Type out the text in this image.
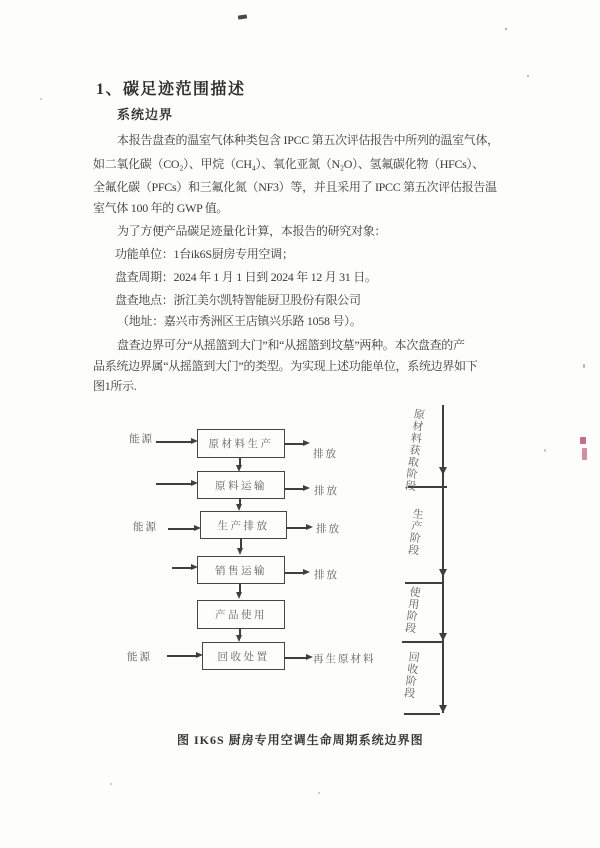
1、碳足迹范围描述
系统边界
本报告盘查的温室气体种类包含 IPCC 第五次评估报告中所列的温室气体，
如二氧化碳（CO₂）、甲烷（CH₄）、氧化亚氮（N₂O）、氢氟碳化物（HFCs）、
全氟化碳（PFCs）和三氟化氮（NF3）等，并且采用了 IPCC 第五次评估报告温
室气体 100 年的 GWP 值。
为了方便产品碳足迹量化计算，本报告的研究对象：
功能单位：1台ik6S厨房专用空调；
盘查周期：2024 年 1 月 1 日到 2024 年 12 月 31 日。
盘查地点：浙江美尔凯特智能厨卫股份有限公司
（地址：嘉兴市秀洲区王店镇兴乐路 1058 号）。
盘查边界可分“从摇篮到大门”和“从摇篮到坟墓”两种。本次盘查的产
品系统边界属“从摇篮到大门”的类型。为实现上述功能单位，系统边界如下
图1所示.
能源	原材料生产
排放
原料运输	排放
能源	生产排放	排放
销售运输	排放
产品使用
能源	回收处置	再生原材料
原材料获取阶段
生产阶段
使用阶段
回收阶段
图 IK6S 厨房专用空调生命周期系统边界图
